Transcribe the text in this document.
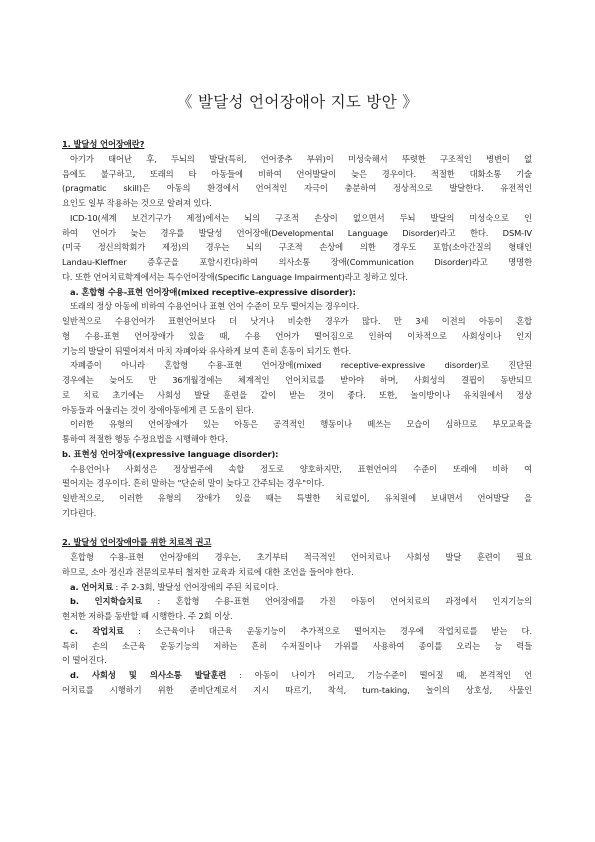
《 발달성 언어장애아 지도 방안 》
1. 발달성 언어장애란?
아기가 태어난 후, 두뇌의 발달(특히, 언어중추 부위)이 미성숙해서 뚜렷한 구조적인 병변이 없
음에도 불구하고, 또래의 타 아동들에 비하여 언어발달이 늦은 경우이다. 적절한 대화소통 기술
(pragmatic skill)은 아동의 환경에서 언어적인 자극이 충분하여 정상적으로 발달한다. 유전적인
요인도 일부 작용하는 것으로 알려져 있다.
ICD-10(세계 보건기구가 제정)에서는 뇌의 구조적 손상이 없으면서 두뇌 발달의 미성숙으로 인
하여 언어가 늦는 경우를 발달성 언어장애(Developmental Language Disorder)라고 한다. DSM-IV
(미국 정신의학회가 제정)의 경우는 뇌의 구조적 손상에 의한 경우도 포함(소아간질의 형태인
Landau-Kleffner 증후군을 포함시킨다)하여 의사소통 장애(Communication Disorder)라고 명명한
다. 또한 언어치료학계에서는 특수언어장애(Specific Language Impairment)라고 칭하고 있다.
a. 혼합형 수용-표현 언어장애(mixed receptive-expressive disorder):
또래의 정상 아동에 비하여 수용언어나 표현 언어 수준이 모두 떨어지는 경우이다.
일반적으로 수용언어가 표현언어보다 더 낫거나 비슷한 경우가 많다. 만 3세 이전의 아동이 혼합
형 수용-표현 언어장애가 있을 때, 수용 언어가 떨어짐으로 인하여 이차적으로 사회성이나 인지
기능의 발달이 뒤떨어져서 마치 자폐아와 유사하게 보여 흔히 혼동이 되기도 한다.
자폐증이 아니라 혼합형 수용-표현 언어장애(mixed receptive-expressive disorder)로 진단된
경우에는 늦어도 만 36개월경에는 체계적인 언어치료를 받아야 하며, 사회성의 결핍이 동반되므
로 치료 초기에는 사회성 발달 훈련을 같이 받는 것이 좋다. 또한, 놀이방이나 유치원에서 정상
아동들과 어울리는 것이 장애아동에게 큰 도움이 된다.
이러한 유형의 언어장애가 있는 아동은 공격적인 행동이나 떼쓰는 모습이 심하므로 부모교육을
통하여 적절한 행동 수정요법을 시행해야 한다.
b. 표현성 언어장애(expressive language disorder):
수용언어나 사회성은 정상범주에 속할 정도로 양호하지만, 표현언어의 수준이 또래에 비하 여
떨어지는 경우이다. 흔히 말하는 "단순히 말이 늦다고 간주되는 경우"이다.
일반적으로, 이러한 유형의 장애가 있을 때는 특별한 치료없이, 유치원에 보내면서 언어발달 을
기다린다.
2. 발달성 언어장애아를 위한 치료적 권고
혼합형 수용-표현 언어장애의 경우는, 초기부터 적극적인 언어치료나 사회성 발달 훈련이 필요
하므로, 소아 정신과 전문의로부터 철저한 교육과 치료에 대한 조언을 들어야 한다.
a. 언어치료 : 주 2-3회, 발달성 언어장애의 주된 치료이다.
b. 인지학습치료 : 혼합형 수용-표현 언어장애를 가진 아동이 언어치료의 과정에서 인지기능의
현저한 저하를 동반할 때 시행한다. 주 2회 이상.
c. 작업치료 : 소근육이나 대근육 운동기능이 추가적으로 떨어지는 경우에 작업치료를 받는 다.
특히 손의 소근육 운동기능의 저하는 흔히 수저질이나 가위를 사용하여 종이를 오리는 능 력들
이 떨어진다.
d. 사회성 및 의사소통 발달훈련 : 아동이 나이가 어리고, 기능수준이 떨어질 때, 본격적인 언
어치료를 시행하기 위한 준비단계로서 지시 따르기, 착석, turn-taking, 놀이의 상호성, 사물인
